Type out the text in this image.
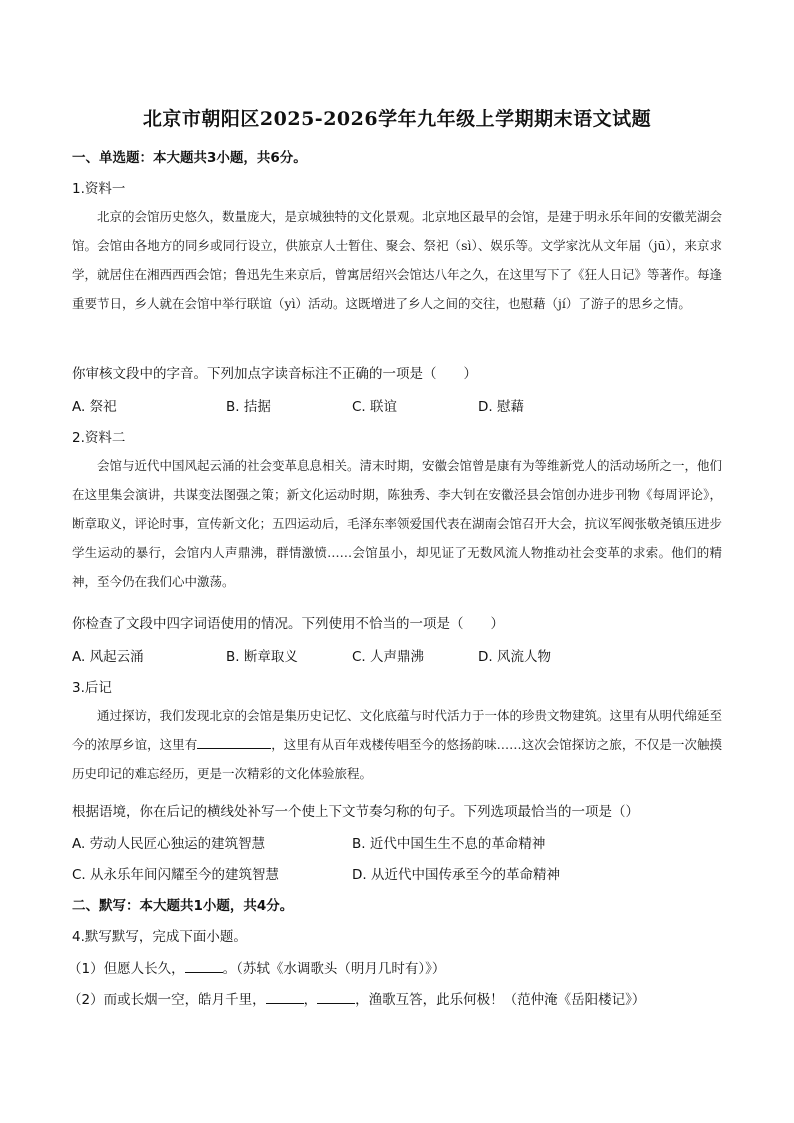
北京市朝阳区2025-2026学年九年级上学期期末语文试题
一、单选题：本大题共3小题，共6分。
1.资料一
北京的会馆历史悠久，数量庞大，是京城独特的文化景观。北京地区最早的会馆，是建于明永乐年间的安徽芜湖会馆。会馆由各地方的同乡或同行设立，供旅京人士暂住、聚会、祭祀（sì）、娱乐等。文学家沈从文年届（jū），来京求学，就居住在湘西西西会馆；鲁迅先生来京后，曾寓居绍兴会馆达八年之久，在这里写下了《狂人日记》等著作。每逢重要节日，乡人就在会馆中举行联谊（yì）活动。这既增进了乡人之间的交往，也慰藉（jí）了游子的思乡之情。
你审核文段中的字音。下列加点字读音标注不正确的一项是（　　）
A. 祭祀	B. 拮据	C. 联谊	D. 慰藉
2.资料二
会馆与近代中国风起云涌的社会变革息息相关。清末时期，安徽会馆曾是康有为等维新党人的活动场所之一，他们在这里集会演讲，共谋变法图强之策；新文化运动时期，陈独秀、李大钊在安徽泾县会馆创办进步刊物《每周评论》，断章取义，评论时事，宣传新文化；五四运动后，毛泽东率领爱国代表在湖南会馆召开大会，抗议军阀张敬尧镇压进步学生运动的暴行，会馆内人声鼎沸，群情激愤……会馆虽小，却见证了无数风流人物推动社会变革的求索。他们的精神，至今仍在我们心中激荡。
你检查了文段中四字词语使用的情况。下列使用不恰当的一项是（　　）
A. 风起云涌	B. 断章取义	C. 人声鼎沸	D. 风流人物
3.后记
通过探访，我们发现北京的会馆是集历史记忆、文化底蕴与时代活力于一体的珍贵文物建筑。这里有从明代绵延至今的浓厚乡谊，这里有	，这里有从百年戏楼传唱至今的悠扬韵味……这次会馆探访之旅，不仅是一次触摸历史印记的难忘经历，更是一次精彩的文化体验旅程。
根据语境，你在后记的横线处补写一个使上下文节奏匀称的句子。下列选项最恰当的一项是（）
A. 劳动人民匠心独运的建筑智慧	B. 近代中国生生不息的革命精神
C. 从永乐年间闪耀至今的建筑智慧	D. 从近代中国传承至今的革命精神
二、默写：本大题共1小题，共4分。
4.默写默写，完成下面小题。
（1）但愿人长久，	。（苏轼《水调歌头（明月几时有）》）
（2）而或长烟一空，皓月千里，	，	，渔歌互答，此乐何极！（范仲淹《岳阳楼记》）
